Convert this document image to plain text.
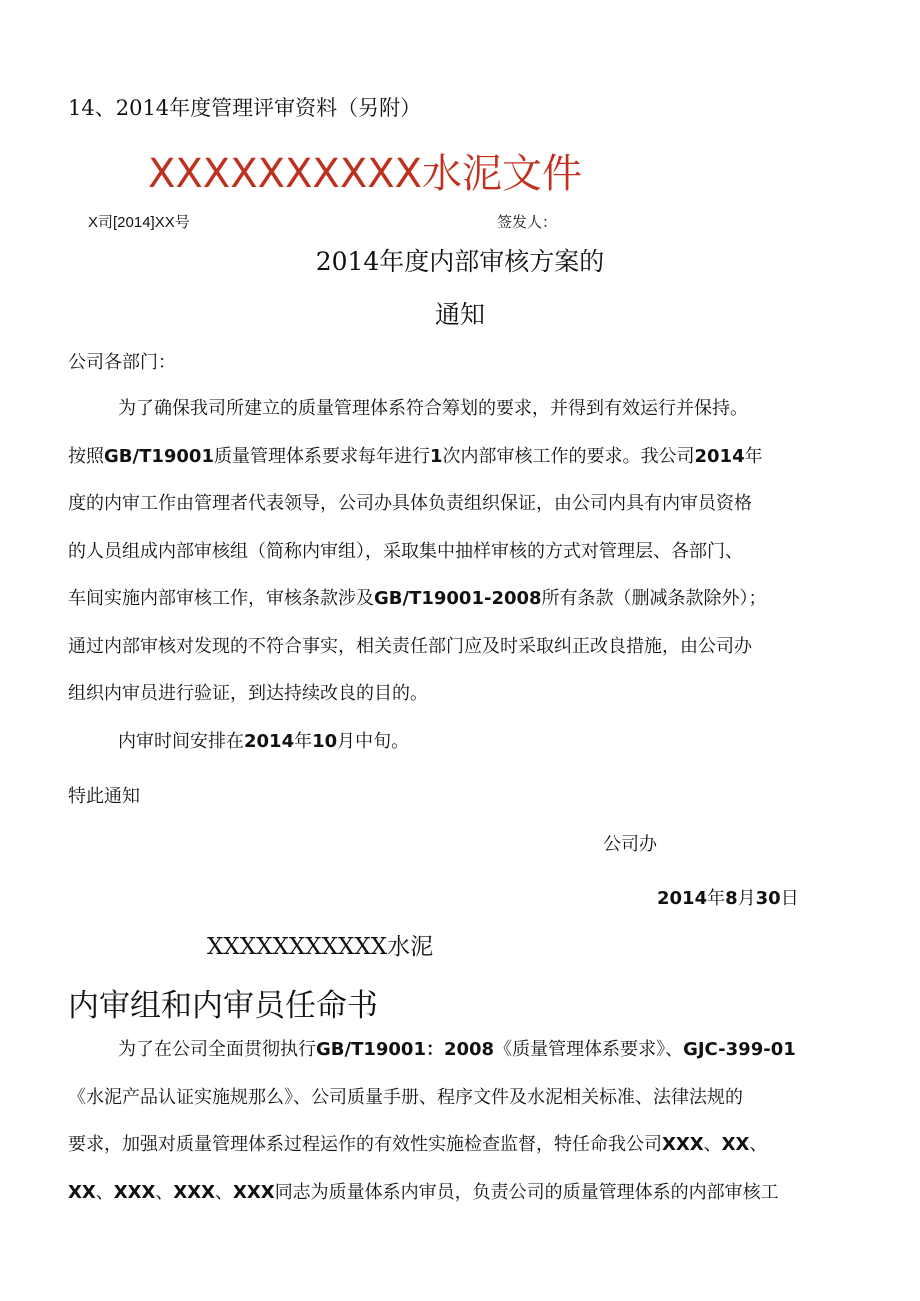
14、2014年度管理评审资料（另附）
XXXXXXXXXX水泥文件
X司[2014]XX号	签发人：
2014年度内部审核方案的
通知
公司各部门：
为了确保我司所建立的质量管理体系符合筹划的要求，并得到有效运行并保持。
按照GB/T19001质量管理体系要求每年进行1次内部审核工作的要求。我公司2014年
度的内审工作由管理者代表领导，公司办具体负责组织保证，由公司内具有内审员资格
的人员组成内部审核组（简称内审组），采取集中抽样审核的方式对管理层、各部门、
车间实施内部审核工作，审核条款涉及GB/T19001-2008所有条款（删减条款除外）；
通过内部审核对发现的不符合事实，相关责任部门应及时采取纠正改良措施，由公司办
组织内审员进行验证，到达持续改良的目的。
内审时间安排在2014年10月中旬。
特此通知
公司办
2014年8月30日
XXXXXXXXXXX水泥
内审组和内审员任命书
为了在公司全面贯彻执行GB/T19001：2008《质量管理体系要求》、GJC-399-01
《水泥产品认证实施规那么》、公司质量手册、程序文件及水泥相关标准、法律法规的
要求，加强对质量管理体系过程运作的有效性实施检查监督，特任命我公司XXX、XX、
XX、XXX、XXX、XXX同志为质量体系内审员，负责公司的质量管理体系的内部审核工
